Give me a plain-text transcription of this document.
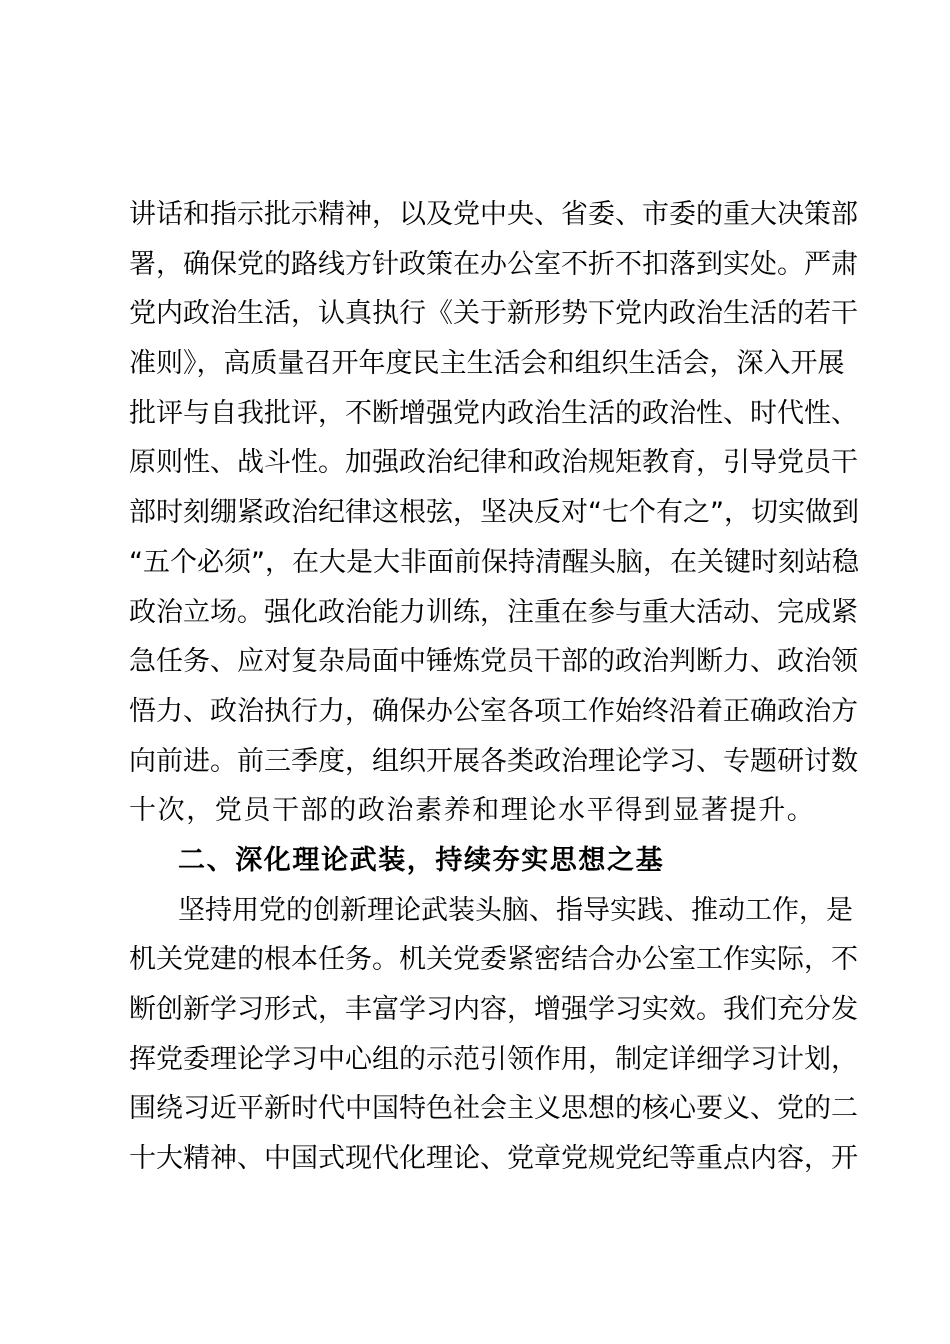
讲话和指示批示精神，以及党中央、省委、市委的重大决策部
署，确保党的路线方针政策在办公室不折不扣落到实处。严肃
党内政治生活，认真执行《关于新形势下党内政治生活的若干
准则》，高质量召开年度民主生活会和组织生活会，深入开展
批评与自我批评，不断增强党内政治生活的政治性、时代性、
原则性、战斗性。加强政治纪律和政治规矩教育，引导党员干
部时刻绷紧政治纪律这根弦，坚决反对“七个有之”，切实做到
“五个必须”，在大是大非面前保持清醒头脑，在关键时刻站稳
政治立场。强化政治能力训练，注重在参与重大活动、完成紧
急任务、应对复杂局面中锤炼党员干部的政治判断力、政治领
悟力、政治执行力，确保办公室各项工作始终沿着正确政治方
向前进。前三季度，组织开展各类政治理论学习、专题研讨数
十次，党员干部的政治素养和理论水平得到显著提升。
二、深化理论武装，持续夯实思想之基
坚持用党的创新理论武装头脑、指导实践、推动工作，是
机关党建的根本任务。机关党委紧密结合办公室工作实际，不
断创新学习形式，丰富学习内容，增强学习实效。我们充分发
挥党委理论学习中心组的示范引领作用，制定详细学习计划，
围绕习近平新时代中国特色社会主义思想的核心要义、党的二
十大精神、中国式现代化理论、党章党规党纪等重点内容，开
